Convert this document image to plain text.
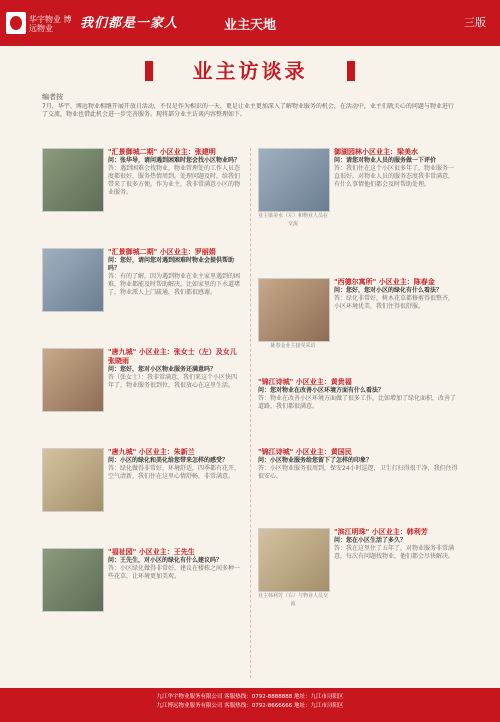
华宇物业 博远物业	我们都是一家人	业主天地	三版
业主访谈录
编者按
7月，华宇、博远物业相继开展开放日活动，不仅是作为相识的一天，更是让业主更加深入了解物业服务的机会，在活动中，业主们就关心的问题与物业进行了交流，物业也借此机会进一步完善服务。现将部分业主访谈内容整理如下。
"汇景御城二期" 小区业主：张建明
问：张华导，请问遇到困难时您会找小区物业吗？
答：遇到困难会找物业，物业管理处的工作人员态度都很好，服务热情周到，处理问题及时，给我们带来了很多方便。作为业主，我非常满意小区的物业服务。
"汇景御城二期" 小区业主：罗丽娟
问：您好，请问您对遇到困难时物业会提供帮助吗？
答：有的了解，因为遇到物业在业主家里遇到的困难，物业都能及时帮助解决，比如家里的下水道堵了，物业派人上门疏通，我们都很感谢。
"唐九城" 小区业主：张女士（左）及女儿张晓雨
问：您好，您对小区物业服务还满意吗？
答（张女士）：我非常满意，我们来这个小区快四年了，物业服务很到位，我很放心在这里生活。
"唐九城" 小区业主：朱新兰
问：小区的绿化和美化给您带来怎样的感受？
答：绿化做得非常好，环境舒适，四季都有花开，空气清新，我们住在这里心情舒畅，非常满意。
"福祉园" 小区业主：王先生
问：王先生，对小区的绿化有什么建议吗？
答：小区绿化做得非常好，建议在楼栋之间多种一些花草，让环境更加美观。
业主梁美水（左）和物业人员在交流
御湖园林小区业主：梁美水
问：请您对物业人员的服务做一下评价
答：我们住在这个小区很多年了，物业服务一直很好，对物业人员的服务态度我非常满意，有什么事情他们都会及时帮助处理。
陈春金业主接受采访
"西德尔寓所" 小区业主：陈春金
问：您好，您对小区的绿化有什么看法？
答：绿化非常好，树木花草都修剪得很整齐，小区环境优美，我们住得很舒服。
"锦江诗城" 小区业主：黄贵福
问：您对物业在改善小区环境方面有什么看法？
答：物业在改善小区环境方面做了很多工作，比如增加了绿化面积，改善了道路，我们都很满意。
"锦江诗城" 小区业主：黄国民
问：小区物业服务给您留下了怎样的印象？
答：小区物业服务很周到，保安24小时巡逻，卫生打扫得很干净，我们住得很安心。
业主韩利芳（右）与物业人员交流
"滨江明珠" 小区业主：韩利芳
问：您在小区生活了多久？
答：我在这里住了五年了，对物业服务非常满意，每次有问题找物业，他们都会尽快解决。
九江华宇物业服务有限公司 客服热线：0792-8888888 地址：九江市浔阳区
九江博远物业服务有限公司 客服热线：0792-8666666 地址：九江市浔阳区
